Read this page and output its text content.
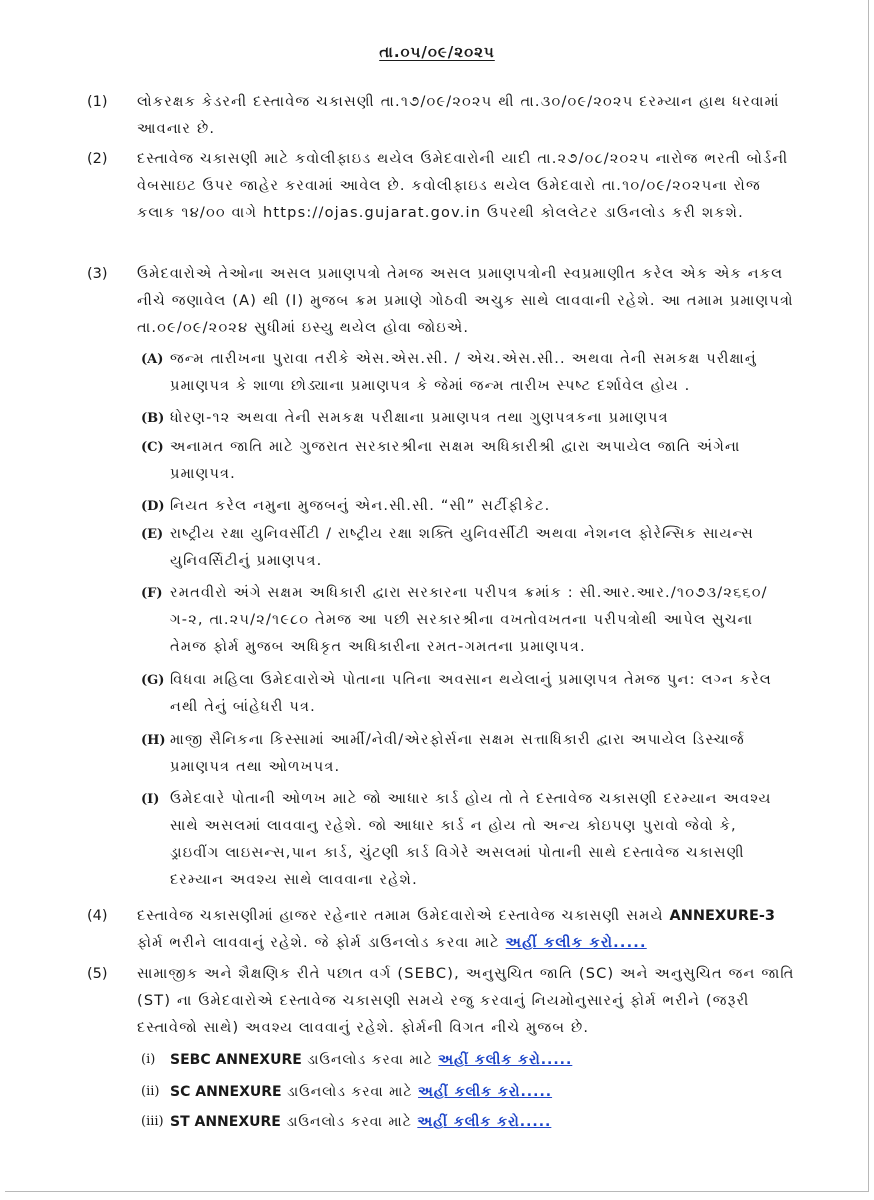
તા.૦૫/૦૯/૨૦૨૫
(1) લોકરક્ષક કેડરની દસ્તાવેજ ચકાસણી તા.૧૭/૦૯/૨૦૨૫ થી તા.૩૦/૦૯/૨૦૨૫ દરમ્યાન હાથ ધરવામાં આવનાર છે.
(2) દસ્તાવેજ ચકાસણી માટે કવોલીફાઇડ થયેલ ઉમેદવારોની યાદી તા.૨૭/૦૮/૨૦૨૫ નારોજ ભરતી બોર્ડની વેબસાઇટ ઉપર જાહેર કરવામાં આવેલ છે. કવોલીફાઇડ થયેલ ઉમેદવારો તા.૧૦/૦૯/૨૦૨૫ના રોજ કલાક ૧૪/૦૦ વાગે https://ojas.gujarat.gov.in ઉપરથી કોલલેટર ડાઉનલોડ કરી શકશે.
(3) ઉમેદવારોએ તેઓના અસલ પ્રમાણપત્રો તેમજ અસલ પ્રમાણપત્રોની સ્વપ્રમાણીત કરેલ એક એક નકલ નીચે જણાવેલ (A) થી (I) મુજબ ક્રમ પ્રમાણે ગોઠવી અચુક સાથે લાવવાની રહેશે. આ તમામ પ્રમાણપત્રો તા.૦૯/૦૯/૨૦૨૪ સુધીમાં ઇસ્યુ થયેલ હોવા જોઇએ.
(A) જન્મ તારીખના પુરાવા તરીકે એસ.એસ.સી. / એચ.એસ.સી.. અથવા તેની સમકક્ષ પરીક્ષાનું પ્રમાણપત્ર કે શાળા છોડ્યાના પ્રમાણપત્ર કે જેમાં જન્મ તારીખ સ્પષ્ટ દર્શાવેલ હોય .
(B) ધોરણ-૧૨ અથવા તેની સમકક્ષ પરીક્ષાના પ્રમાણપત્ર તથા ગુણપત્રકના પ્રમાણપત્ર
(C) અનામત જાતિ માટે ગુજરાત સરકારશ્રીના સક્ષમ અધિકારીશ્રી દ્વારા અપાયેલ જાતિ અંગેના પ્રમાણપત્ર.
(D) નિયત કરેલ નમુના મુજબનું એન.સી.સી. “સી” સર્ટીફીકેટ.
(E) રાષ્ટ્રીય રક્ષા યુનિવર્સીટી / રાષ્ટ્રીય રક્ષા શક્તિ યુનિવર્સીટી અથવા નેશનલ ફોરેન્સિક સાયન્સ યુનિવર્સિટીનું પ્રમાણપત્ર.
(F) રમતવીરો અંગે સક્ષમ અધિકારી દ્વારા સરકારના પરીપત્ર ક્રમાંક : સી.આર.આર./૧૦૭૩/૨૬૬૦/ ગ-૨, તા.૨૫/૨/૧૯૮૦ તેમજ આ પછી સરકારશ્રીના વખતોવખતના પરીપત્રોથી આપેલ સુચના તેમજ ફોર્મ મુજબ અધિકૃત અધિકારીના રમત-ગમતના પ્રમાણપત્ર.
(G) વિધવા મહિલા ઉમેદવારોએ પોતાના પતિના અવસાન થયેલાનું પ્રમાણપત્ર તેમજ પુન: લગ્ન કરેલ નથી તેનું બાંહેધરી પત્ર.
(H) માજી સૈનિકના કિસ્સામાં આર્મી/નેવી/એરફોર્સના સક્ષમ સત્તાધિકારી દ્વારા અપાયેલ ડિસ્ચાર્જ પ્રમાણપત્ર તથા ઓળખપત્ર.
(I) ઉમેદવારે પોતાની ઓળખ માટે જો આધાર કાર્ડ હોય તો તે દસ્તાવેજ ચકાસણી દરમ્યાન અવશ્ય સાથે અસલમાં લાવવાનુ રહેશે. જો આધાર કાર્ડ ન હોય તો અન્ય કોઇપણ પુરાવો જેવો કે, ડ્રાઇવીંગ લાઇસન્સ,પાન કાર્ડ, ચુંટણી કાર્ડ વિગેરે અસલમાં પોતાની સાથે દસ્તાવેજ ચકાસણી દરમ્યાન અવશ્ય સાથે લાવવાના રહેશે.
(4) દસ્તાવેજ ચકાસણીમાં હાજર રહેનાર તમામ ઉમેદવારોએ દસ્તાવેજ ચકાસણી સમયે ANNEXURE-3 ફોર્મ ભરીને લાવવાનું રહેશે. જે ફોર્મ ડાઉનલોડ કરવા માટે અહીં કલીક કરો.....
(5) સામાજીક અને શૈક્ષણિક રીતે પછાત વર્ગ (SEBC), અનુસુચિત જાતિ (SC) અને અનુસુચિત જન જાતિ (ST) ના ઉમેદવારોએ દસ્તાવેજ ચકાસણી સમયે રજુ કરવાનું નિયમોનુસારનું ફોર્મ ભરીને (જરૂરી દસ્તાવેજો સાથે) અવશ્ય લાવવાનું રહેશે. ફોર્મની વિગત નીચે મુજબ છે.
(i) SEBC ANNEXURE ડાઉનલોડ કરવા માટે અહીં કલીક કરો.....
(ii) SC ANNEXURE ડાઉનલોડ કરવા માટે અહીં કલીક કરો.....
(iii) ST ANNEXURE ડાઉનલોડ કરવા માટે અહીં કલીક કરો.....
